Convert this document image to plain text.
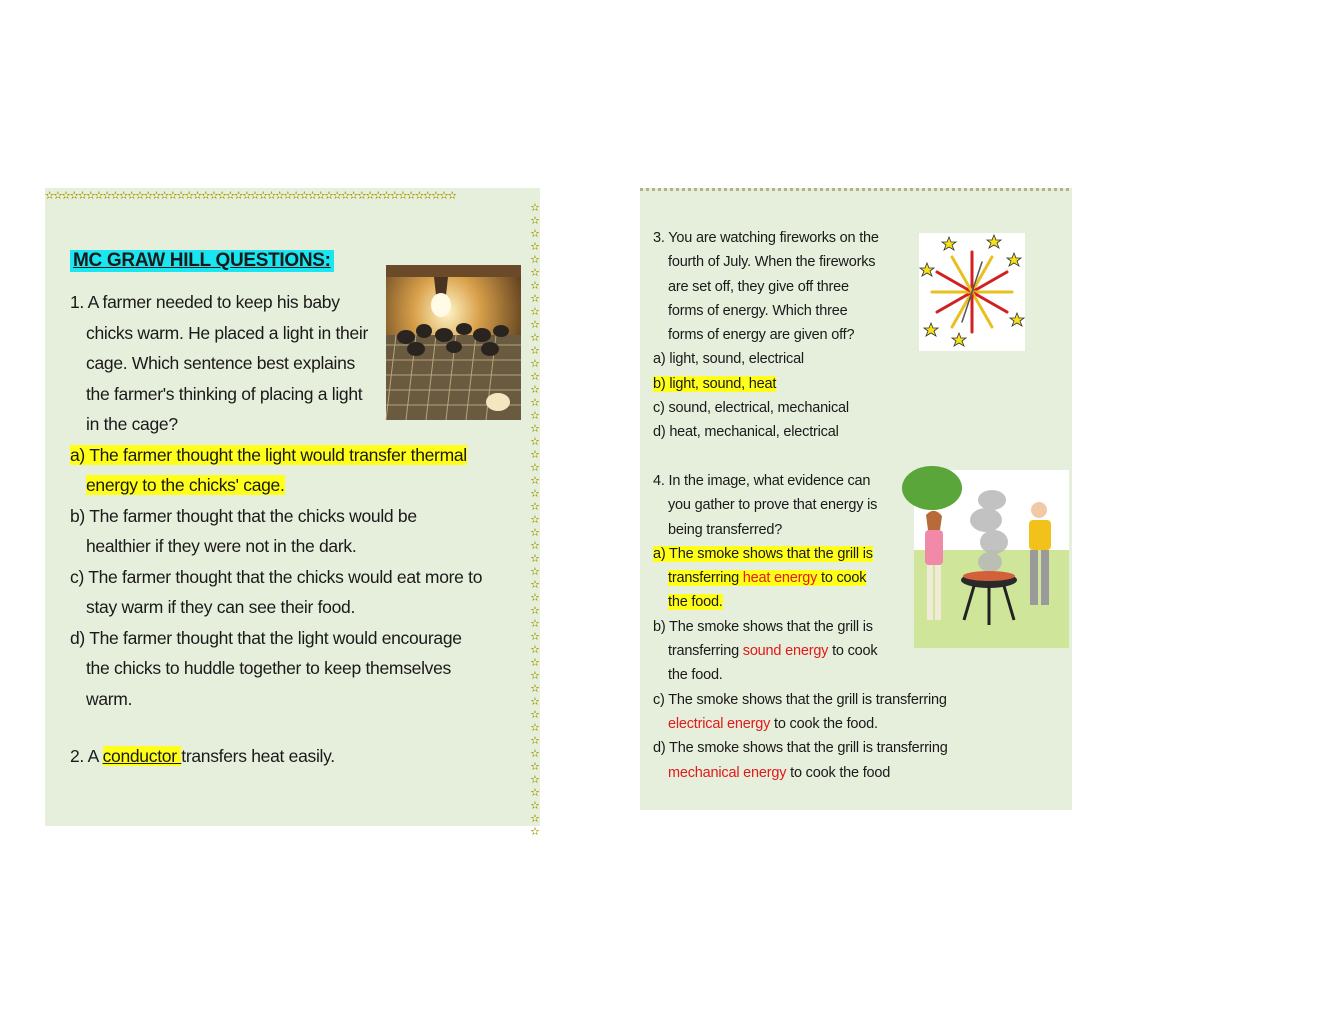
✫✫✫✫✫✫✫✫✫✫✫✫✫✫✫✫✫✫✫✫✫✫✫✫✫✫✫✫✫✫✫✫✫✫✫✫✫✫✫✫✫✫✫✫✫✫✫✫✫✫
✫✫✫✫✫✫✫✫✫✫✫✫✫✫✫✫✫✫✫✫✫✫✫✫✫✫✫✫✫✫✫✫✫✫✫✫✫✫✫✫✫✫✫✫✫✫✫✫✫
MC GRAW HILL QUESTIONS:
1. A farmer needed to keep his baby
chicks warm. He placed a light in their
cage. Which sentence best explains
the farmer's thinking of placing a light
in the cage?
a) The farmer thought the light would transfer thermal
energy to the chicks' cage.
b) The farmer thought that the chicks would be
healthier if they were not in the dark.
c) The farmer thought that the chicks would eat more to
stay warm if they can see their food.
d) The farmer thought that the light would encourage
the chicks to huddle together to keep themselves
warm.
2. A conductor transfers heat easily.
3. You are watching fireworks on the
fourth of July. When the fireworks
are set off, they give off three
forms of energy. Which three
forms of energy are given off?
a) light, sound, electrical
b) light, sound, heat
c) sound, electrical, mechanical
d) heat, mechanical, electrical
4. In the image, what evidence can
you gather to prove that energy is
being transferred?
a) The smoke shows that the grill is
transferring heat energy to cook
the food.
b) The smoke shows that the grill is
transferring sound energy to cook
the food.
c) The smoke shows that the grill is transferring
electrical energy to cook the food.
d) The smoke shows that the grill is transferring
mechanical energy to cook the food
